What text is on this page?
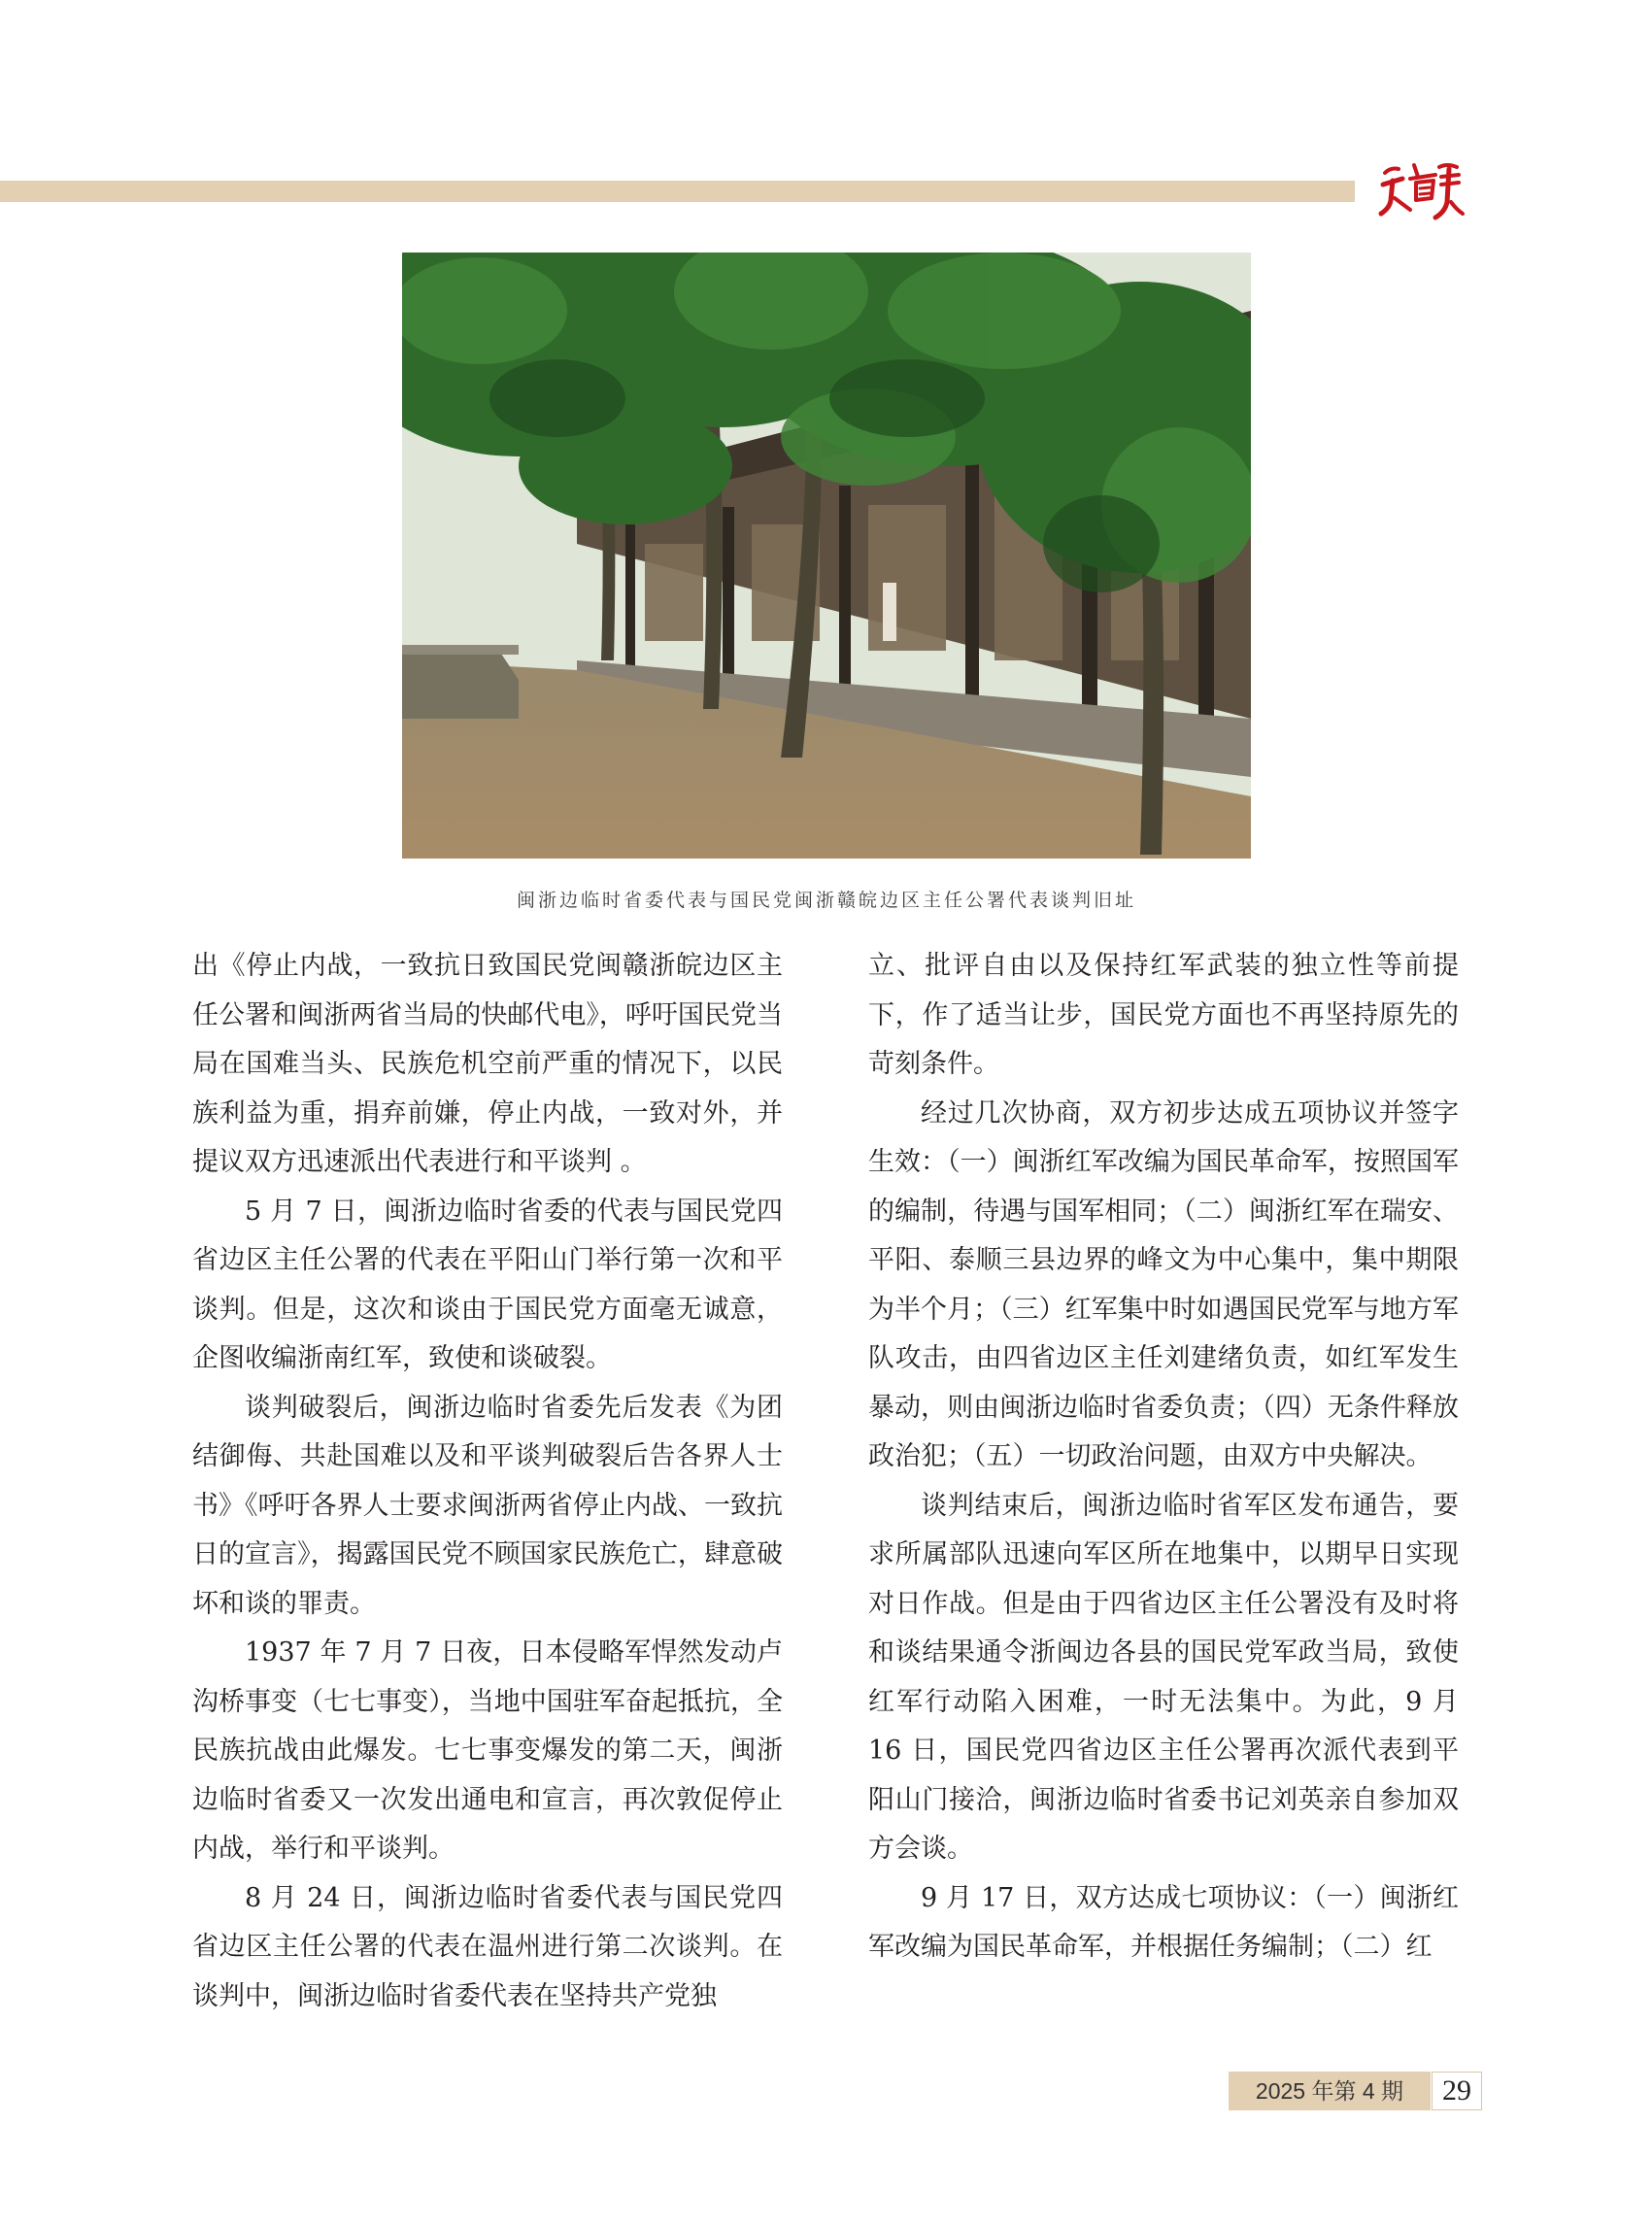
闽浙边临时省委代表与国民党闽浙赣皖边区主任公署代表谈判旧址

出《停止内战，一致抗日致国民党闽赣浙皖边区主任公署和闽浙两省当局的快邮代电》，呼吁国民党当局在国难当头、民族危机空前严重的情况下，以民族利益为重，捐弃前嫌，停止内战，一致对外，并提议双方迅速派出代表进行和平谈判 。

5 月 7 日，闽浙边临时省委的代表与国民党四省边区主任公署的代表在平阳山门举行第一次和平谈判。但是，这次和谈由于国民党方面毫无诚意，企图收编浙南红军，致使和谈破裂。

谈判破裂后，闽浙边临时省委先后发表《为团结御侮、共赴国难以及和平谈判破裂后告各界人士书》《呼吁各界人士要求闽浙两省停止内战、一致抗日的宣言》，揭露国民党不顾国家民族危亡，肆意破坏和谈的罪责。

1937 年 7 月 7 日夜，日本侵略军悍然发动卢沟桥事变（七七事变），当地中国驻军奋起抵抗，全民族抗战由此爆发。七七事变爆发的第二天，闽浙边临时省委又一次发出通电和宣言，再次敦促停止内战，举行和平谈判。

8 月 24 日，闽浙边临时省委代表与国民党四省边区主任公署的代表在温州进行第二次谈判。在谈判中，闽浙边临时省委代表在坚持共产党独

立、批评自由以及保持红军武装的独立性等前提下，作了适当让步，国民党方面也不再坚持原先的苛刻条件。

经过几次协商，双方初步达成五项协议并签字生效：（一）闽浙红军改编为国民革命军，按照国军的编制，待遇与国军相同；（二）闽浙红军在瑞安、平阳、泰顺三县边界的峰文为中心集中，集中期限为半个月；（三）红军集中时如遇国民党军与地方军队攻击，由四省边区主任刘建绪负责，如红军发生暴动，则由闽浙边临时省委负责；（四）无条件释放政治犯；（五）一切政治问题，由双方中央解决。

谈判结束后，闽浙边临时省军区发布通告，要求所属部队迅速向军区所在地集中，以期早日实现对日作战。但是由于四省边区主任公署没有及时将和谈结果通令浙闽边各县的国民党军政当局，致使红军行动陷入困难，一时无法集中。为此，9 月 16 日，国民党四省边区主任公署再次派代表到平阳山门接洽，闽浙边临时省委书记刘英亲自参加双方会谈。

9 月 17 日，双方达成七项协议：（一）闽浙红军改编为国民革命军，并根据任务编制；（二）红

2025 年第 4 期	29
